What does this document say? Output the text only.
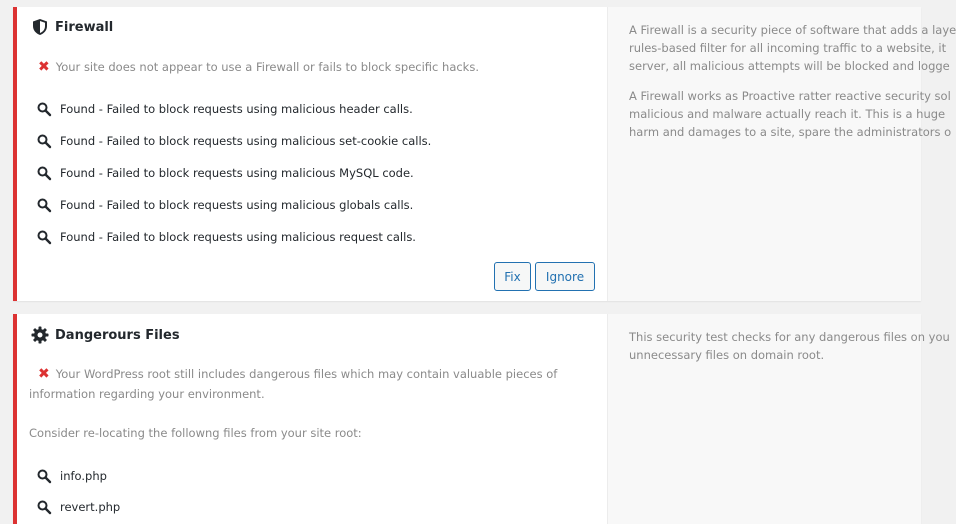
Firewall
✖ Your site does not appear to use a Firewall or fails to block specific hacks.
Found - Failed to block requests using malicious header calls.
Found - Failed to block requests using malicious set-cookie calls.
Found - Failed to block requests using malicious MySQL code.
Found - Failed to block requests using malicious globals calls.
Found - Failed to block requests using malicious request calls.
Fix	Ignore

A Firewall is a security piece of software that adds a laye
rules-based filter for all incoming traffic to a website, it
server, all malicious attempts will be blocked and logge

A Firewall works as Proactive ratter reactive security sol
malicious and malware actually reach it. This is a huge
harm and damages to a site, spare the administrators o

Dangerours Files
✖ Your WordPress root still includes dangerous files which may contain valuable pieces of information regarding your environment.
Consider re-locating the followng files from your site root:
info.php
revert.php

This security test checks for any dangerous files on you
unnecessary files on domain root.
